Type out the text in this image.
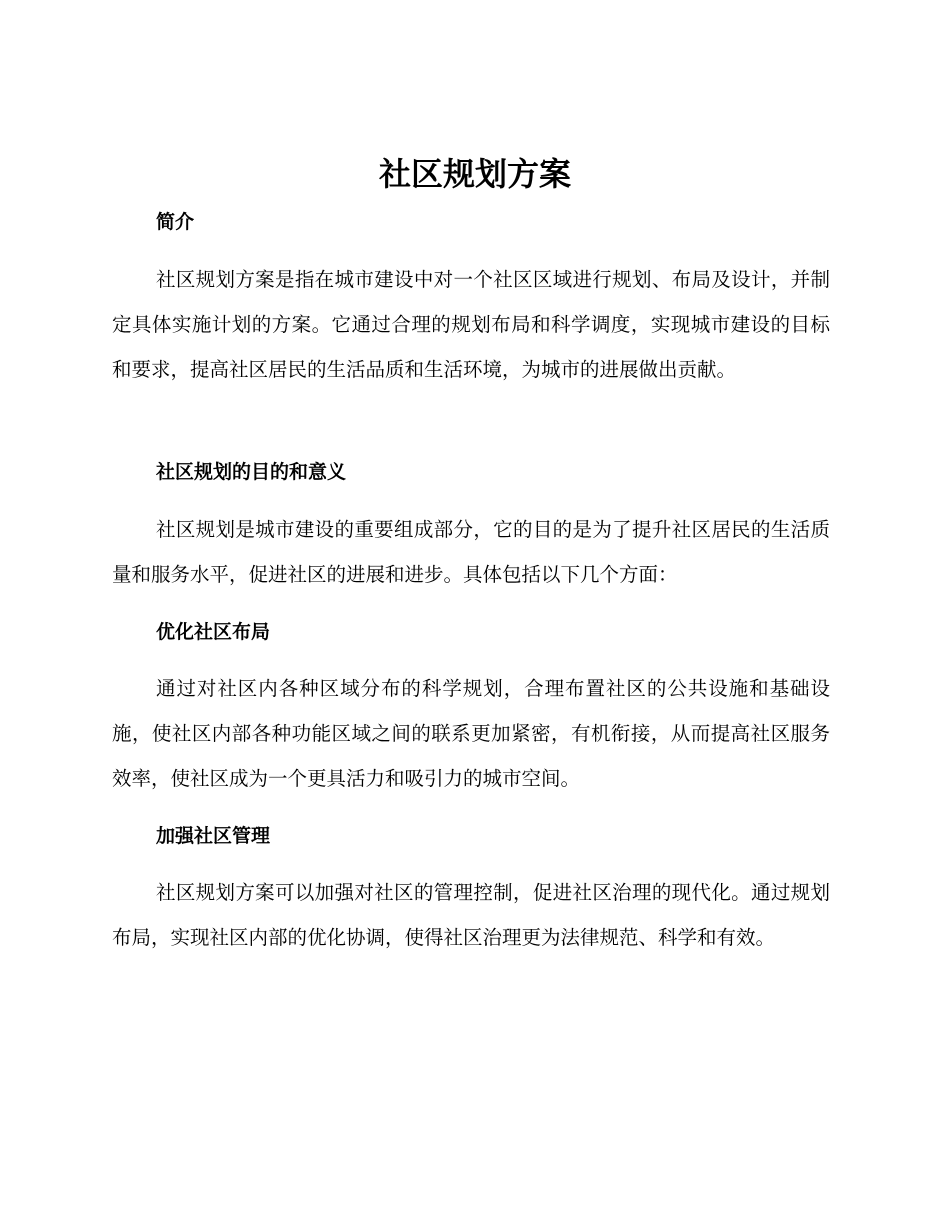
社区规划方案
简介

社区规划方案是指在城市建设中对一个社区区域进行规划、布局及设计，并制定具体实施计划的方案。它通过合理的规划布局和科学调度，实现城市建设的目标和要求，提高社区居民的生活品质和生活环境，为城市的进展做出贡献。

社区规划的目的和意义

社区规划是城市建设的重要组成部分，它的目的是为了提升社区居民的生活质量和服务水平，促进社区的进展和进步。具体包括以下几个方面：

优化社区布局

通过对社区内各种区域分布的科学规划，合理布置社区的公共设施和基础设施，使社区内部各种功能区域之间的联系更加紧密，有机衔接，从而提高社区服务效率，使社区成为一个更具活力和吸引力的城市空间。

加强社区管理

社区规划方案可以加强对社区的管理控制，促进社区治理的现代化。通过规划布局，实现社区内部的优化协调，使得社区治理更为法律规范、科学和有效。
